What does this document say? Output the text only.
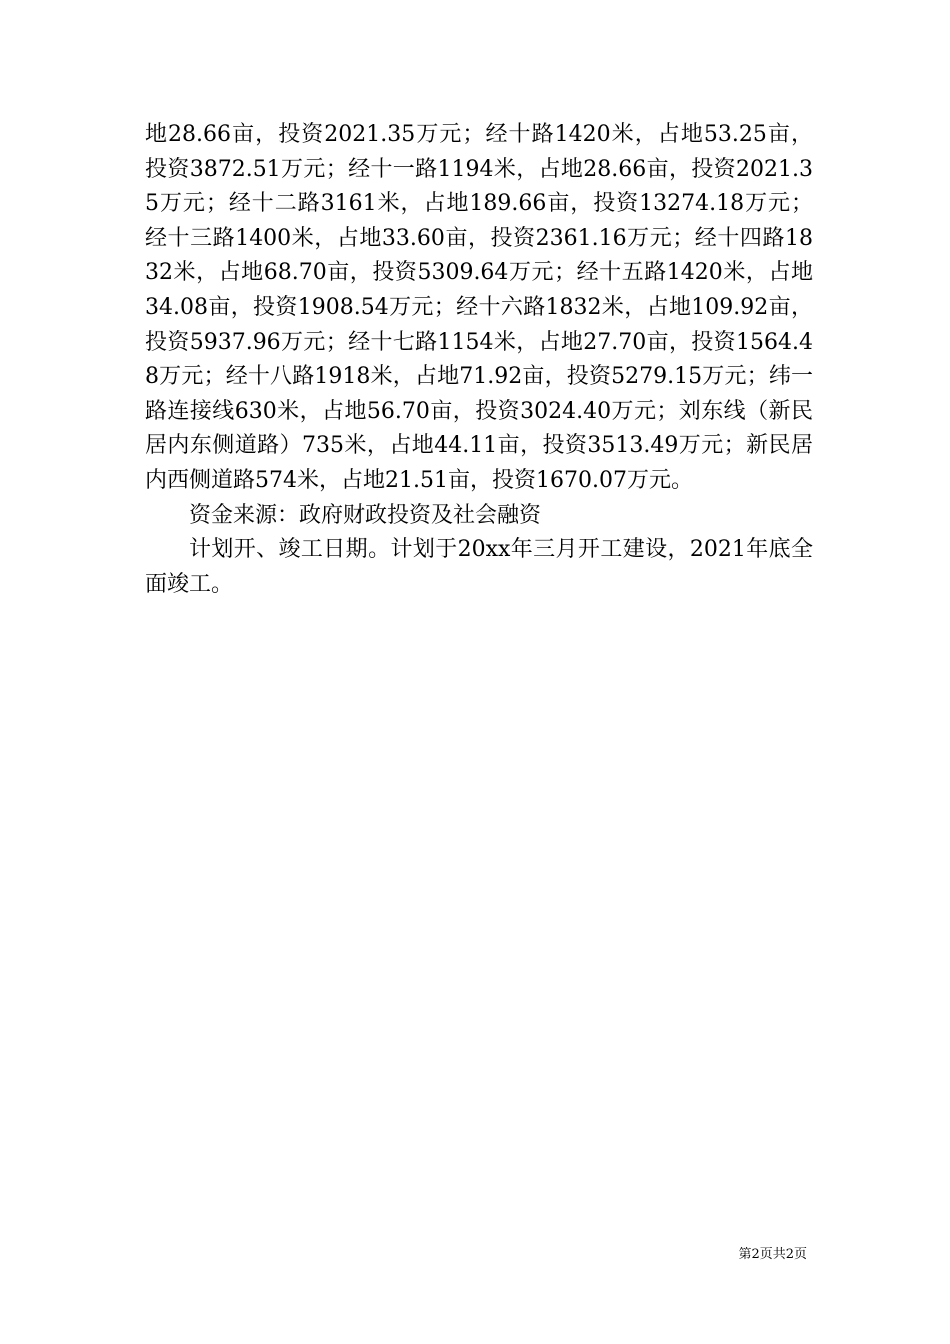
地28.66亩，投资2021.35万元；经十路1420米，占地53.25亩，投资3872.51万元；经十一路1194米，占地28.66亩，投资2021.35万元；经十二路3161米，占地189.66亩，投资13274.18万元；经十三路1400米，占地33.60亩，投资2361.16万元；经十四路1832米，占地68.70亩，投资5309.64万元；经十五路1420米，占地34.08亩，投资1908.54万元；经十六路1832米，占地109.92亩，投资5937.96万元；经十七路1154米，占地27.70亩，投资1564.48万元；经十八路1918米，占地71.92亩，投资5279.15万元；纬一路连接线630米，占地56.70亩，投资3024.40万元；刘东线（新民居内东侧道路）735米，占地44.11亩，投资3513.49万元；新民居内西侧道路574米，占地21.51亩，投资1670.07万元。

资金来源：政府财政投资及社会融资

计划开、竣工日期。计划于20xx年三月开工建设，2021年底全面竣工。

第2页共2页
